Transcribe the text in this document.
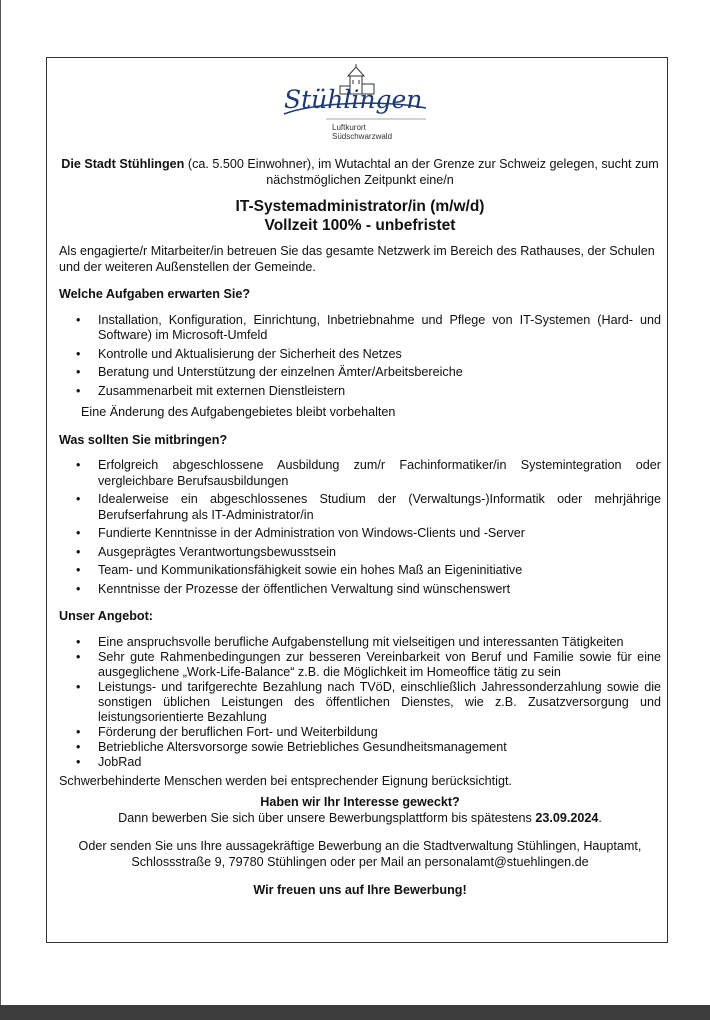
Stühlingen
Luftkurort
Südschwarzwald

Die Stadt Stühlingen (ca. 5.500 Einwohner), im Wutachtal an der Grenze zur Schweiz gelegen, sucht zum nächstmöglichen Zeitpunkt eine/n

IT-Systemadministrator/in (m/w/d)
Vollzeit 100% - unbefristet

Als engagierte/r Mitarbeiter/in betreuen Sie das gesamte Netzwerk im Bereich des Rathauses, der Schulen und der weiteren Außenstellen der Gemeinde.

Welche Aufgaben erwarten Sie?
• Installation, Konfiguration, Einrichtung, Inbetriebnahme und Pflege von IT-Systemen (Hard- und Software) im Microsoft-Umfeld
• Kontrolle und Aktualisierung der Sicherheit des Netzes
• Beratung und Unterstützung der einzelnen Ämter/Arbeitsbereiche
• Zusammenarbeit mit externen Dienstleistern

Eine Änderung des Aufgabengebietes bleibt vorbehalten

Was sollten Sie mitbringen?
• Erfolgreich abgeschlossene Ausbildung zum/r Fachinformatiker/in Systemintegration oder vergleichbare Berufsausbildungen
• Idealerweise ein abgeschlossenes Studium der (Verwaltungs-)Informatik oder mehrjährige Berufserfahrung als IT-Administrator/in
• Fundierte Kenntnisse in der Administration von Windows-Clients und -Server
• Ausgeprägtes Verantwortungsbewusstsein
• Team- und Kommunikationsfähigkeit sowie ein hohes Maß an Eigeninitiative
• Kenntnisse der Prozesse der öffentlichen Verwaltung sind wünschenswert
Unser Angebot:
• Eine anspruchsvolle berufliche Aufgabenstellung mit vielseitigen und interessanten Tätigkeiten
• Sehr gute Rahmenbedingungen zur besseren Vereinbarkeit von Beruf und Familie sowie für eine ausgeglichene „Work-Life-Balance“ z.B. die Möglichkeit im Homeoffice tätig zu sein
• Leistungs- und tarifgerechte Bezahlung nach TVöD, einschließlich Jahressonderzahlung sowie die sonstigen üblichen Leistungen des öffentlichen Dienstes, wie z.B. Zusatzversorgung und leistungsorientierte Bezahlung
• Förderung der beruflichen Fort- und Weiterbildung
• Betriebliche Altersvorsorge sowie Betriebliches Gesundheitsmanagement
• JobRad

Schwerbehinderte Menschen werden bei entsprechender Eignung berücksichtigt.

Haben wir Ihr Interesse geweckt?
Dann bewerben Sie sich über unsere Bewerbungsplattform bis spätestens 23.09.2024.

Oder senden Sie uns Ihre aussagekräftige Bewerbung an die Stadtverwaltung Stühlingen, Hauptamt, Schlossstraße 9, 79780 Stühlingen oder per Mail an personalamt@stuehlingen.de

Wir freuen uns auf Ihre Bewerbung!
